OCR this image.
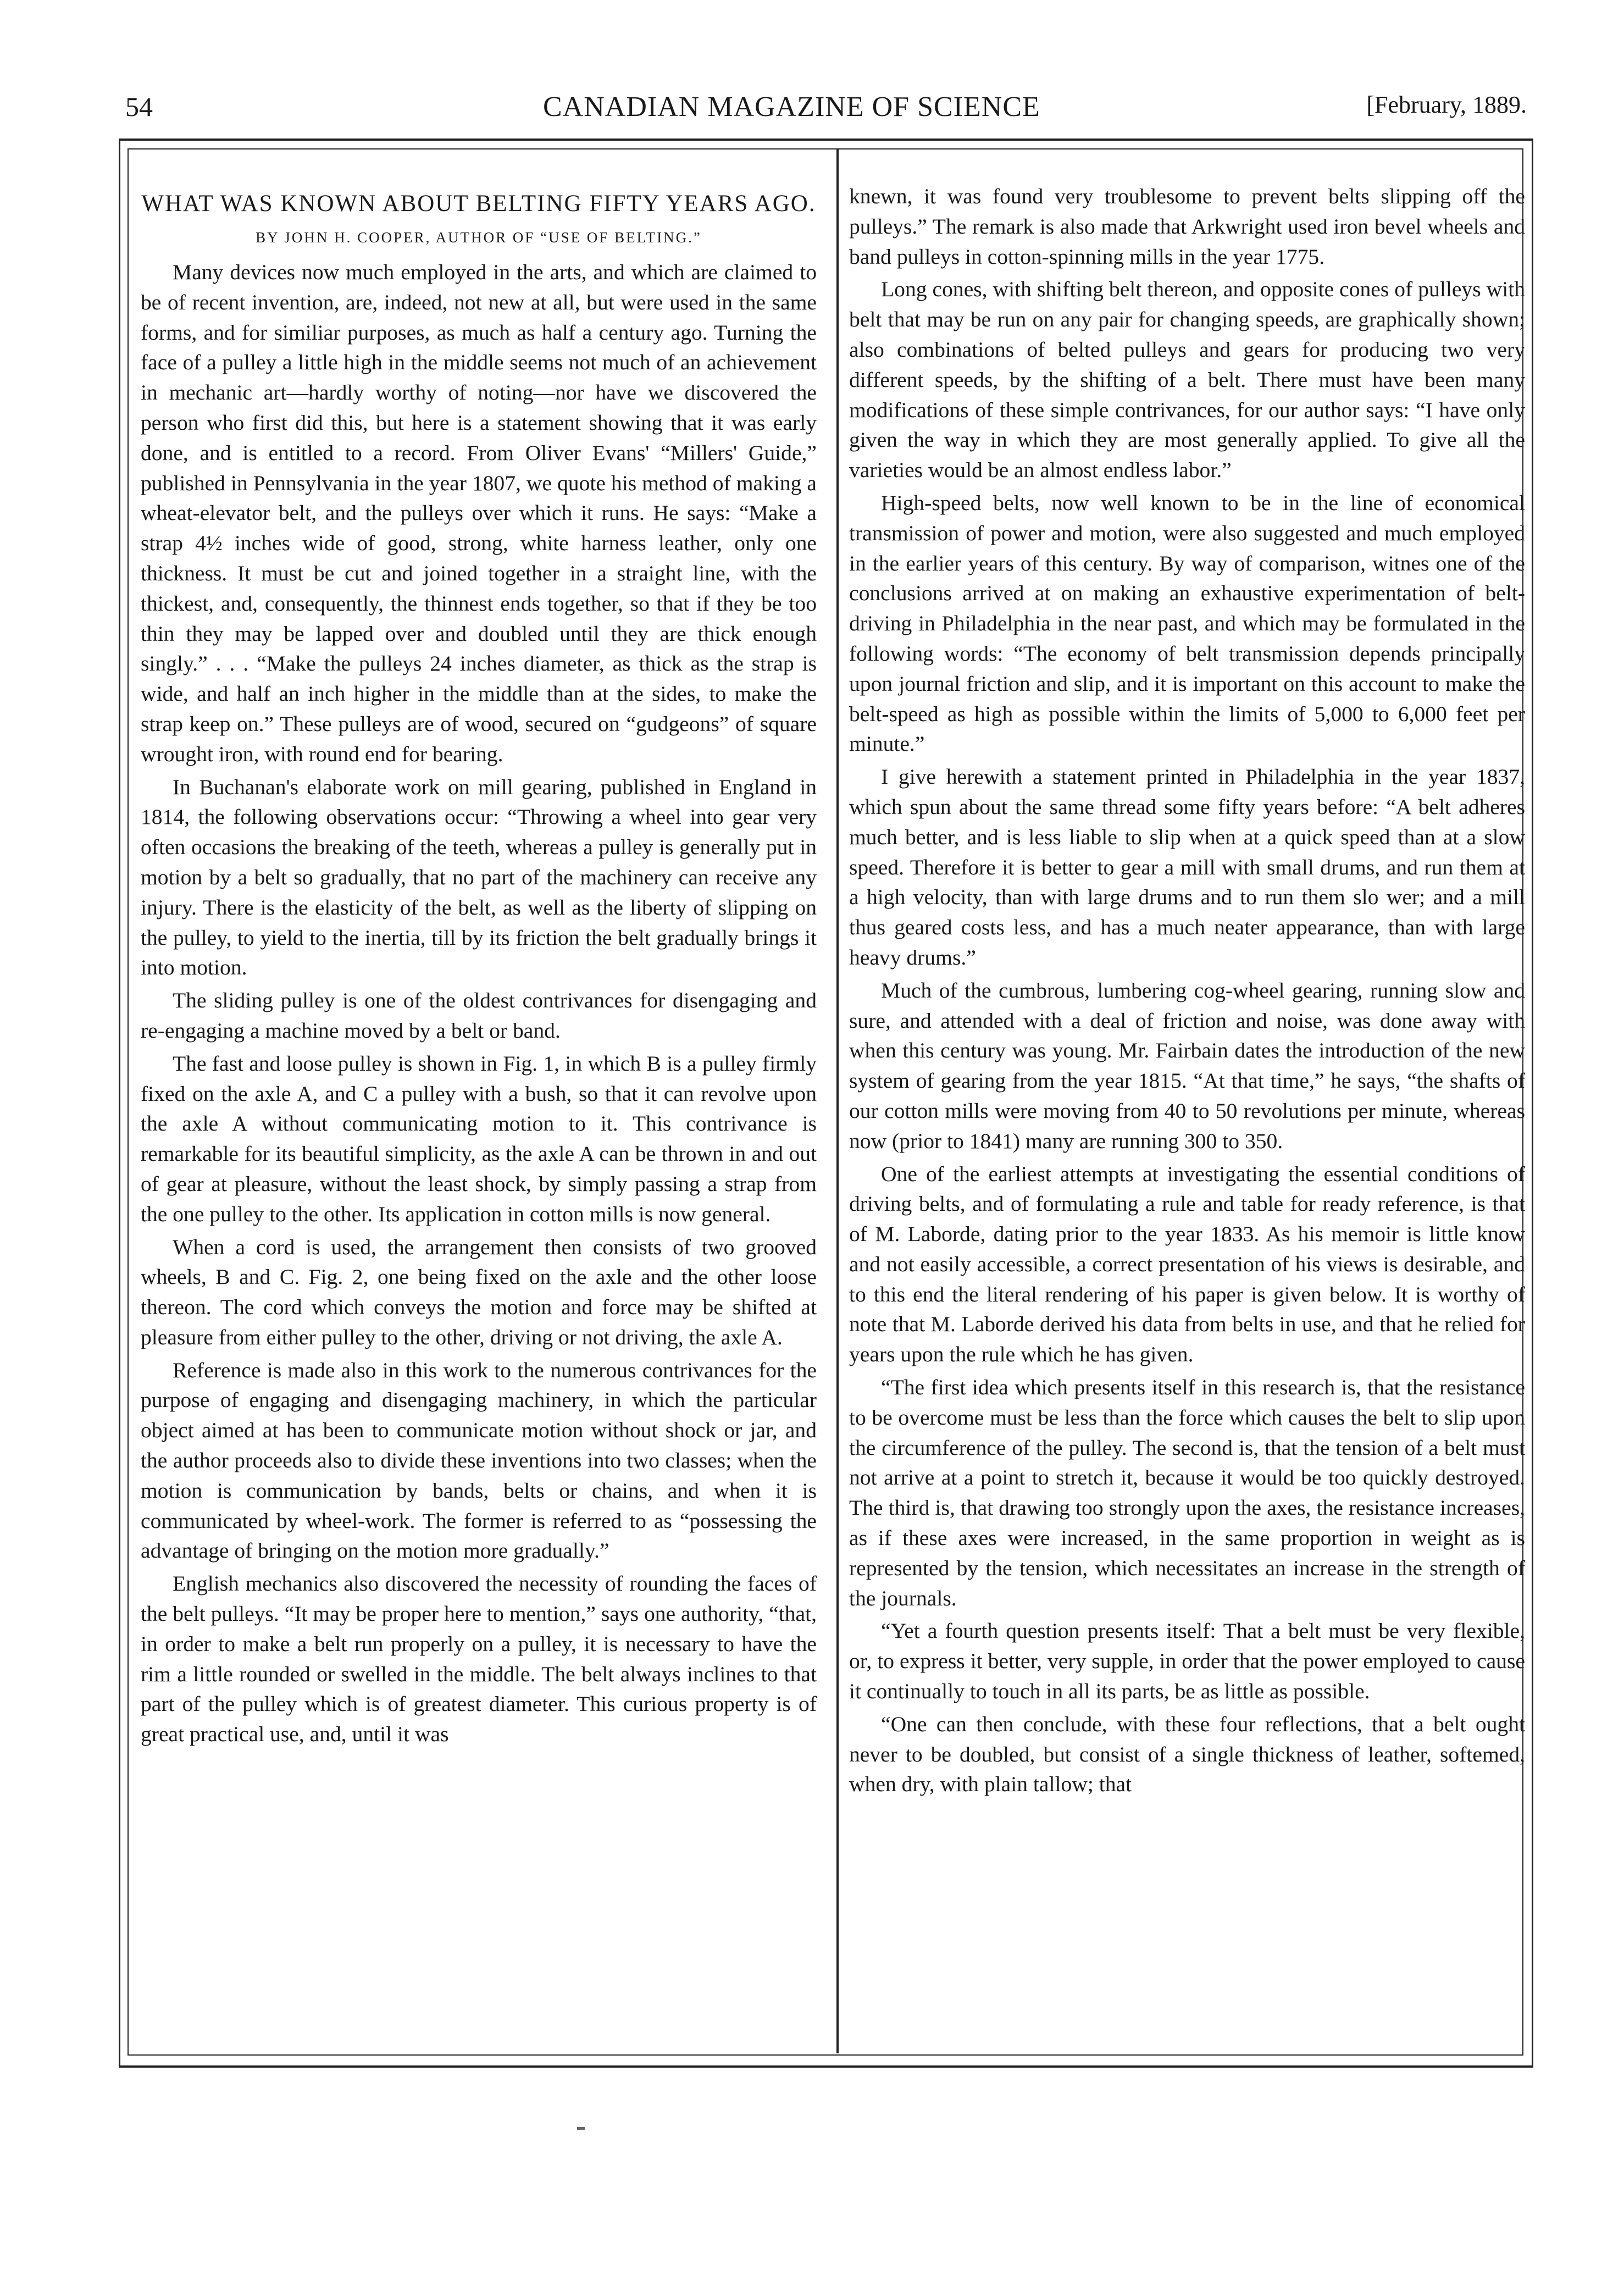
54	CANADIAN MAGAZINE OF SCIENCE	[February, 1889.
WHAT WAS KNOWN ABOUT BELTING FIFTY YEARS AGO.
BY JOHN H. COOPER, AUTHOR OF “USE OF BELTING.”

Many devices now much employed in the arts, and which are claimed to be of recent invention, are, indeed, not new at all, but were used in the same forms, and for similiar purposes, as much as half a century ago. Turning the face of a pulley a little high in the middle seems not much of an achievement in mechanic art—hardly worthy of noting—nor have we discovered the person who first did this, but here is a statement showing that it was early done, and is entitled to a record. From Oliver Evans' “Millers' Guide,” published in Pennsylvania in the year 1807, we quote his method of making a wheat-elevator belt, and the pulleys over which it runs. He says: “Make a strap 4½ inches wide of good, strong, white harness leather, only one thickness. It must be cut and joined together in a straight line, with the thickest, and, consequently, the thinnest ends together, so that if they be too thin they may be lapped over and doubled until they are thick enough singly.” . . . “Make the pulleys 24 inches diameter, as thick as the strap is wide, and half an inch higher in the middle than at the sides, to make the strap keep on.” These pulleys are of wood, secured on “gudgeons” of square wrought iron, with round end for bearing.

In Buchanan's elaborate work on mill gearing, published in England in 1814, the following observations occur: “Throwing a wheel into gear very often occasions the breaking of the teeth, whereas a pulley is generally put in motion by a belt so gradually, that no part of the machinery can receive any injury. There is the elasticity of the belt, as well as the liberty of slipping on the pulley, to yield to the inertia, till by its friction the belt gradually brings it into motion.

The sliding pulley is one of the oldest contrivances for disengaging and re-engaging a machine moved by a belt or band.

The fast and loose pulley is shown in Fig. 1, in which B is a pulley firmly fixed on the axle A, and C a pulley with a bush, so that it can revolve upon the axle A without communicating motion to it. This contrivance is remarkable for its beautiful simplicity, as the axle A can be thrown in and out of gear at pleasure, without the least shock, by simply passing a strap from the one pulley to the other. Its application in cotton mills is now general.

When a cord is used, the arrangement then consists of two grooved wheels, B and C. Fig. 2, one being fixed on the axle and the other loose thereon. The cord which conveys the motion and force may be shifted at pleasure from either pulley to the other, driving or not driving, the axle A.

Reference is made also in this work to the numerous contrivances for the purpose of engaging and disengaging machinery, in which the particular object aimed at has been to communicate motion without shock or jar, and the author proceeds also to divide these inventions into two classes; when the motion is communication by bands, belts or chains, and when it is communicated by wheel-work. The former is referred to as “possessing the advantage of bringing on the motion more gradually.”

English mechanics also discovered the necessity of rounding the faces of the belt pulleys. “It may be proper here to mention,” says one authority, “that, in order to make a belt run properly on a pulley, it is necessary to have the rim a little rounded or swelled in the middle. The belt always inclines to that part of the pulley which is of greatest diameter. This curious property is of great practical use, and, until it was

knewn, it was found very troublesome to prevent belts slipping off the pulleys.” The remark is also made that Arkwright used iron bevel wheels and band pulleys in cotton-spinning mills in the year 1775.

Long cones, with shifting belt thereon, and opposite cones of pulleys with belt that may be run on any pair for changing speeds, are graphically shown; also combinations of belted pulleys and gears for producing two very different speeds, by the shifting of a belt. There must have been many modifications of these simple contrivances, for our author says: “I have only given the way in which they are most generally applied. To give all the varieties would be an almost endless labor.”

High-speed belts, now well known to be in the line of economical transmission of power and motion, were also suggested and much employed in the earlier years of this century. By way of comparison, witnes one of the conclusions arrived at on making an exhaustive experimentation of belt-driving in Philadelphia in the near past, and which may be formulated in the following words: “The economy of belt transmission depends principally upon journal friction and slip, and it is important on this account to make the belt-speed as high as possible within the limits of 5,000 to 6,000 feet per minute.”

I give herewith a statement printed in Philadelphia in the year 1837, which spun about the same thread some fifty years before: “A belt adheres much better, and is less liable to slip when at a quick speed than at a slow speed. Therefore it is better to gear a mill with small drums, and run them at a high velocity, than with large drums and to run them slo wer; and a mill thus geared costs less, and has a much neater appearance, than with large heavy drums.”

Much of the cumbrous, lumbering cog-wheel gearing, running slow and sure, and attended with a deal of friction and noise, was done away with when this century was young. Mr. Fairbain dates the introduction of the new system of gearing from the year 1815. “At that time,” he says, “the shafts of our cotton mills were moving from 40 to 50 revolutions per minute, whereas now (prior to 1841) many are running 300 to 350.

One of the earliest attempts at investigating the essential conditions of driving belts, and of formulating a rule and table for ready reference, is that of M. Laborde, dating prior to the year 1833. As his memoir is little know and not easily accessible, a correct presentation of his views is desirable, and to this end the literal rendering of his paper is given below. It is worthy of note that M. Laborde derived his data from belts in use, and that he relied for years upon the rule which he has given.

“The first idea which presents itself in this research is, that the resistance to be overcome must be less than the force which causes the belt to slip upon the circumference of the pulley. The second is, that the tension of a belt must not arrive at a point to stretch it, because it would be too quickly destroyed. The third is, that drawing too strongly upon the axes, the resistance increases, as if these axes were increased, in the same proportion in weight as is represented by the tension, which necessitates an increase in the strength of the journals.

“Yet a fourth question presents itself: That a belt must be very flexible, or, to express it better, very supple, in order that the power employed to cause it continually to touch in all its parts, be as little as possible.

“One can then conclude, with these four reflections, that a belt ought never to be doubled, but consist of a single thickness of leather, softemed, when dry, with plain tallow; that
